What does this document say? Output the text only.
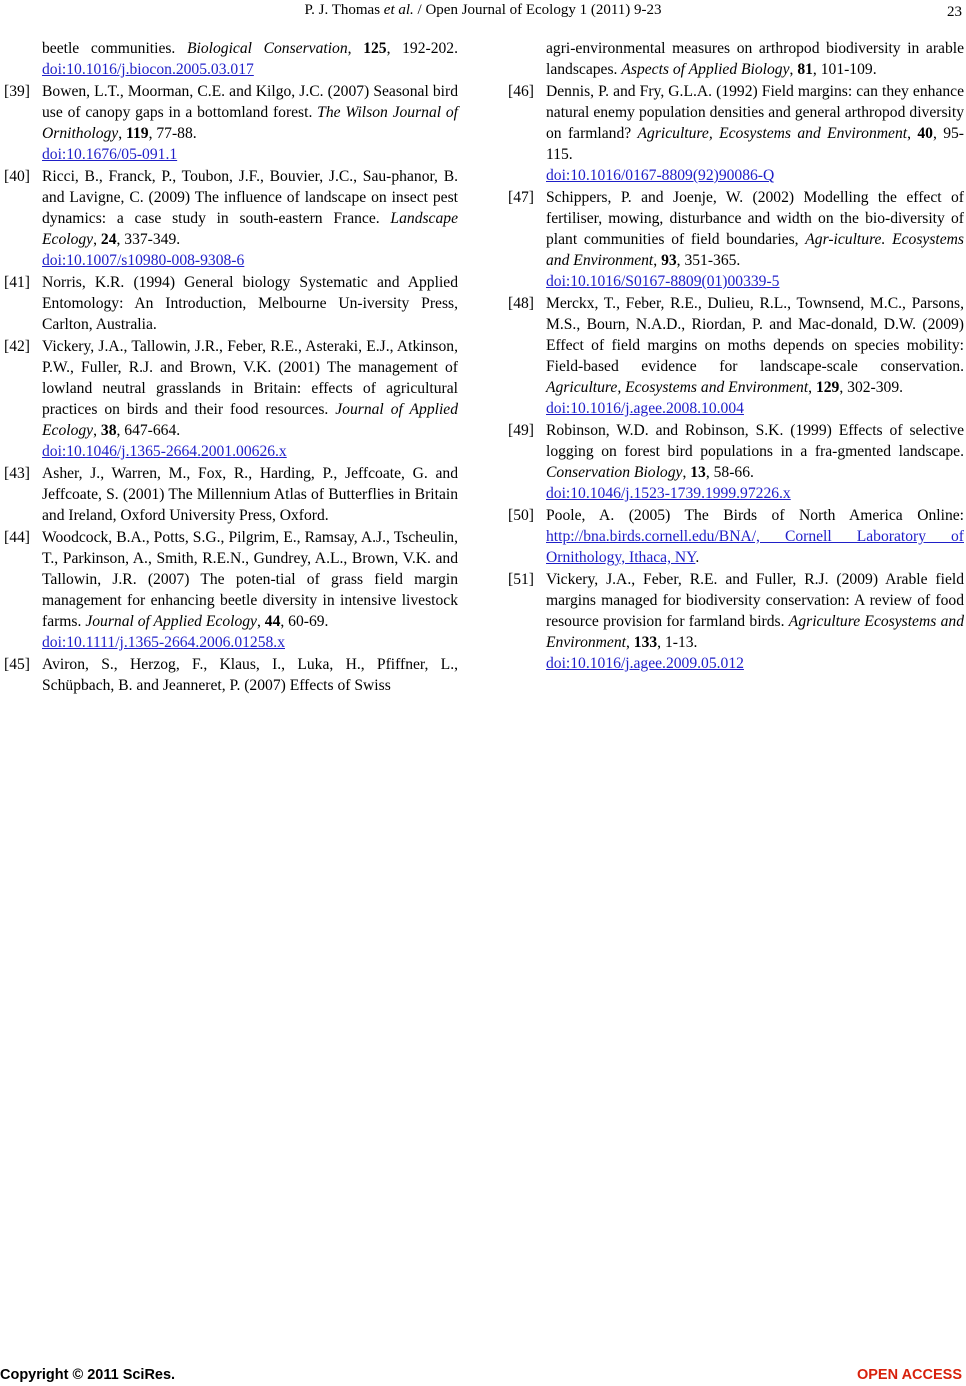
P. J. Thomas et al. / Open Journal of Ecology 1 (2011) 9-23	23
beetle communities. Biological Conservation, 125, 192-202. doi:10.1016/j.biocon.2005.03.017
[39] Bowen, L.T., Moorman, C.E. and Kilgo, J.C. (2007) Seasonal bird use of canopy gaps in a bottomland forest. The Wilson Journal of Ornithology, 119, 77-88.
doi:10.1676/05-091.1
[40] Ricci, B., Franck, P., Toubon, J.F., Bouvier, J.C., Sau-phanor, B. and Lavigne, C. (2009) The influence of landscape on insect pest dynamics: a case study in south-eastern France. Landscape Ecology, 24, 337-349.
doi:10.1007/s10980-008-9308-6
[41] Norris, K.R. (1994) General biology Systematic and Applied Entomology: An Introduction, Melbourne Un-iversity Press, Carlton, Australia.
[42] Vickery, J.A., Tallowin, J.R., Feber, R.E., Asteraki, E.J., Atkinson, P.W., Fuller, R.J. and Brown, V.K. (2001) The management of lowland neutral grasslands in Britain: effects of agricultural practices on birds and their food resources. Journal of Applied Ecology, 38, 647-664.
doi:10.1046/j.1365-2664.2001.00626.x
[43] Asher, J., Warren, M., Fox, R., Harding, P., Jeffcoate, G. and Jeffcoate, S. (2001) The Millennium Atlas of Butterflies in Britain and Ireland, Oxford University Press, Oxford.
[44] Woodcock, B.A., Potts, S.G., Pilgrim, E., Ramsay, A.J., Tscheulin, T., Parkinson, A., Smith, R.E.N., Gundrey, A.L., Brown, V.K. and Tallowin, J.R. (2007) The poten-tial of grass field margin management for enhancing beetle diversity in intensive livestock farms. Journal of Applied Ecology, 44, 60-69.
doi:10.1111/j.1365-2664.2006.01258.x
[45] Aviron, S., Herzog, F., Klaus, I., Luka, H., Pfiffner, L., Schüpbach, B. and Jeanneret, P. (2007) Effects of Swiss
agri-environmental measures on arthropod biodiversity in arable landscapes. Aspects of Applied Biology, 81, 101-109.
[46] Dennis, P. and Fry, G.L.A. (1992) Field margins: can they enhance natural enemy population densities and general arthropod diversity on farmland? Agriculture, Ecosystems and Environment, 40, 95-115.
doi:10.1016/0167-8809(92)90086-Q
[47] Schippers, P. and Joenje, W. (2002) Modelling the effect of fertiliser, mowing, disturbance and width on the bio-diversity of plant communities of field boundaries, Agr-iculture. Ecosystems and Environment, 93, 351-365.
doi:10.1016/S0167-8809(01)00339-5
[48] Merckx, T., Feber, R.E., Dulieu, R.L., Townsend, M.C., Parsons, M.S., Bourn, N.A.D., Riordan, P. and Mac-donald, D.W. (2009) Effect of field margins on moths depends on species mobility: Field-based evidence for landscape-scale conservation. Agriculture, Ecosystems and Environment, 129, 302-309.
doi:10.1016/j.agee.2008.10.004
[49] Robinson, W.D. and Robinson, S.K. (1999) Effects of selective logging on forest bird populations in a fra-gmented landscape. Conservation Biology, 13, 58-66.
doi:10.1046/j.1523-1739.1999.97226.x
[50] Poole, A. (2005) The Birds of North America Online: http://bna.birds.cornell.edu/BNA/, Cornell Laboratory of Ornithology, Ithaca, NY.
[51] Vickery, J.A., Feber, R.E. and Fuller, R.J. (2009) Arable field margins managed for biodiversity conservation: A review of food resource provision for farmland birds. Agriculture Ecosystems and Environment, 133, 1-13.
doi:10.1016/j.agee.2009.05.012
Copyright © 2011 SciRes.	OPEN ACCESS
